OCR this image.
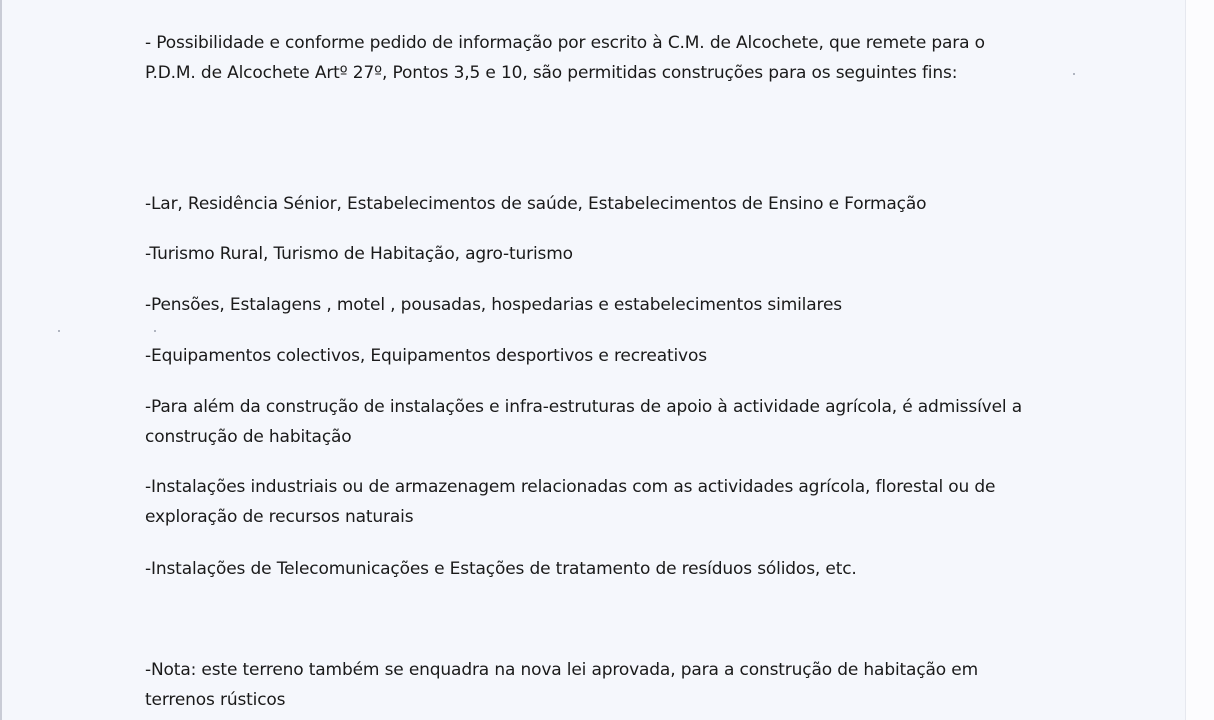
- Possibilidade e conforme pedido de informação por escrito à C.M. de Alcochete, que remete para o P.D.M. de Alcochete Artº 27º, Pontos 3,5 e 10, são permitidas construções para os seguintes fins:
-Lar, Residência Sénior, Estabelecimentos de saúde, Estabelecimentos de Ensino e Formação
-Turismo Rural, Turismo de Habitação, agro-turismo
-Pensões, Estalagens , motel , pousadas, hospedarias e estabelecimentos similares
-Equipamentos colectivos, Equipamentos desportivos e recreativos
-Para além da construção de instalações e infra-estruturas de apoio à actividade agrícola, é admissível a construção de habitação
-Instalações industriais ou de armazenagem relacionadas com as actividades agrícola, florestal ou de exploração de recursos naturais
-Instalações de Telecomunicações e Estações de tratamento de resíduos sólidos, etc.
-Nota: este terreno também se enquadra na nova lei aprovada, para a construção de habitação em terrenos rústicos
